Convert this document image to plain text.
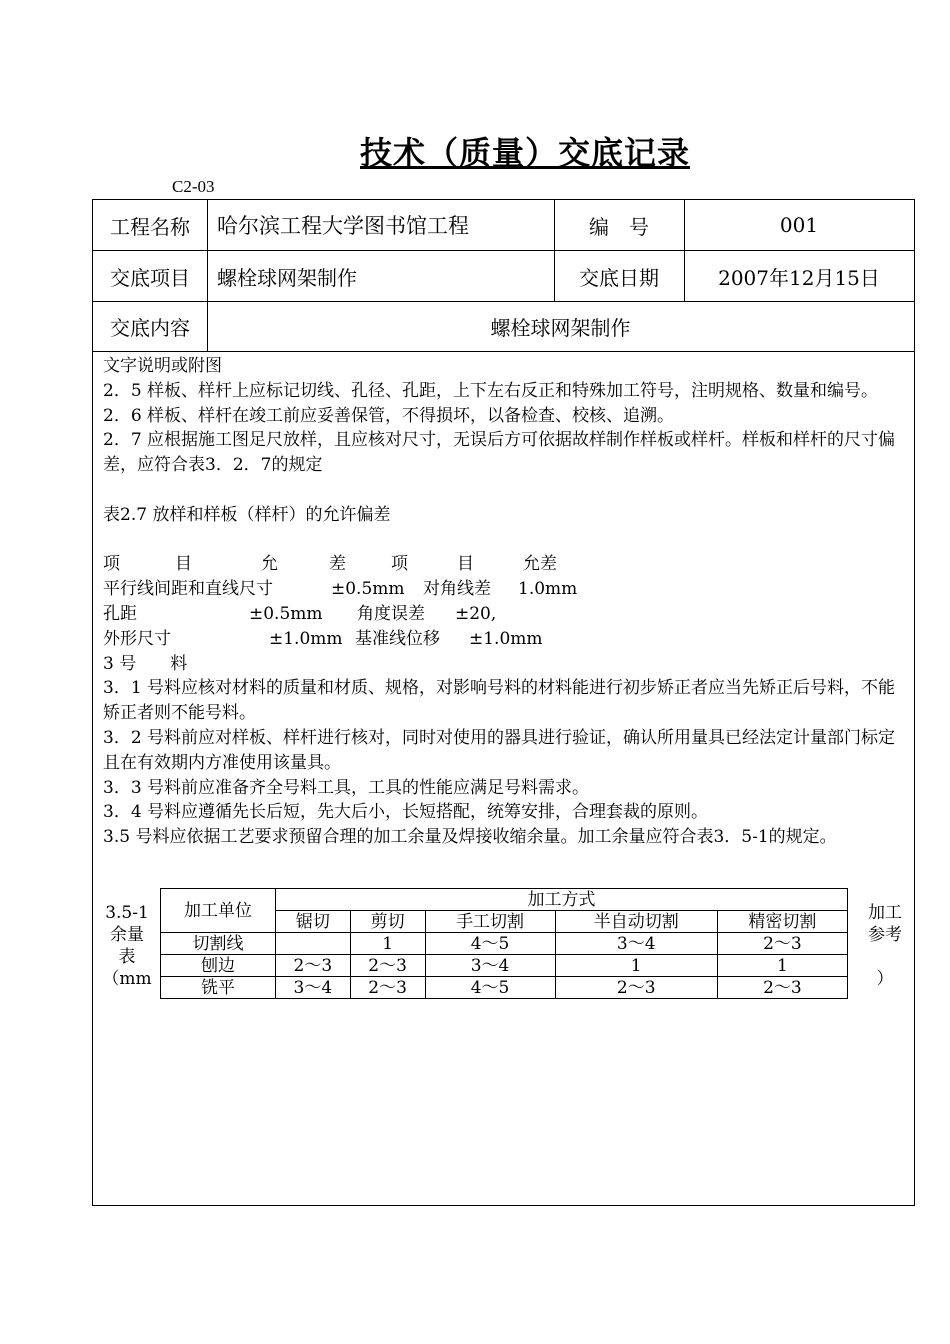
技术（质量）交底记录
C2-03
工程名称	哈尔滨工程大学图书馆工程	编　号	001
交底项目	螺栓球网架制作	交底日期	2007年12月15日
交底内容	螺栓球网架制作

文字说明或附图

2．5 样板、样杆上应标记切线、孔径、孔距，上下左右反正和特殊加工符号，注明规格、数量和编号。

2．6 样板、样杆在竣工前应妥善保管，不得损坏，以备检查、校核、追溯。

2．7 应根据施工图足尺放样，且应核对尺寸，无误后方可依据故样制作样板或样杆。样板和样杆的尺寸偏差，应符合表3．2．7的规定

表2.7 放样和样板（样杆）的允许偏差

项	目	允	差	项	目	允差

平行线间距和直线尺寸	±0.5mm 对角线差 1.0mm

孔距	±0.5mm 角度误差 ±20,

外形尺寸	±1.0mm 基准线位移 ±1.0mm

3 号　　料

3．1 号料应核对材料的质量和材质、规格，对影响号料的材料能进行初步矫正者应当先矫正后号料，不能矫正者则不能号料。

3．2 号料前应对样板、样杆进行核对，同时对使用的器具进行验证，确认所用量具已经法定计量部门标定且在有效期内方准使用该量具。

3．3 号料前应准备齐全号料工具，工具的性能应满足号料需求。

3．4 号料应遵循先长后短，先大后小，长短搭配，统筹安排，合理套裁的原则。

3.5 号料应依据工艺要求预留合理的加工余量及焊接收缩余量。加工余量应符合表3．5-1的规定。

3.5-1
余量
表
（mm
加工
参考

）
加工单位	加工方式				
	锯切	剪切	手工切割	半自动切割	精密切割
切割线		1	4～5	3～4	2～3
刨边	2～3	2～3	3～4	1	1
铣平	3～4	2～3	4～5	2～3	2～3
